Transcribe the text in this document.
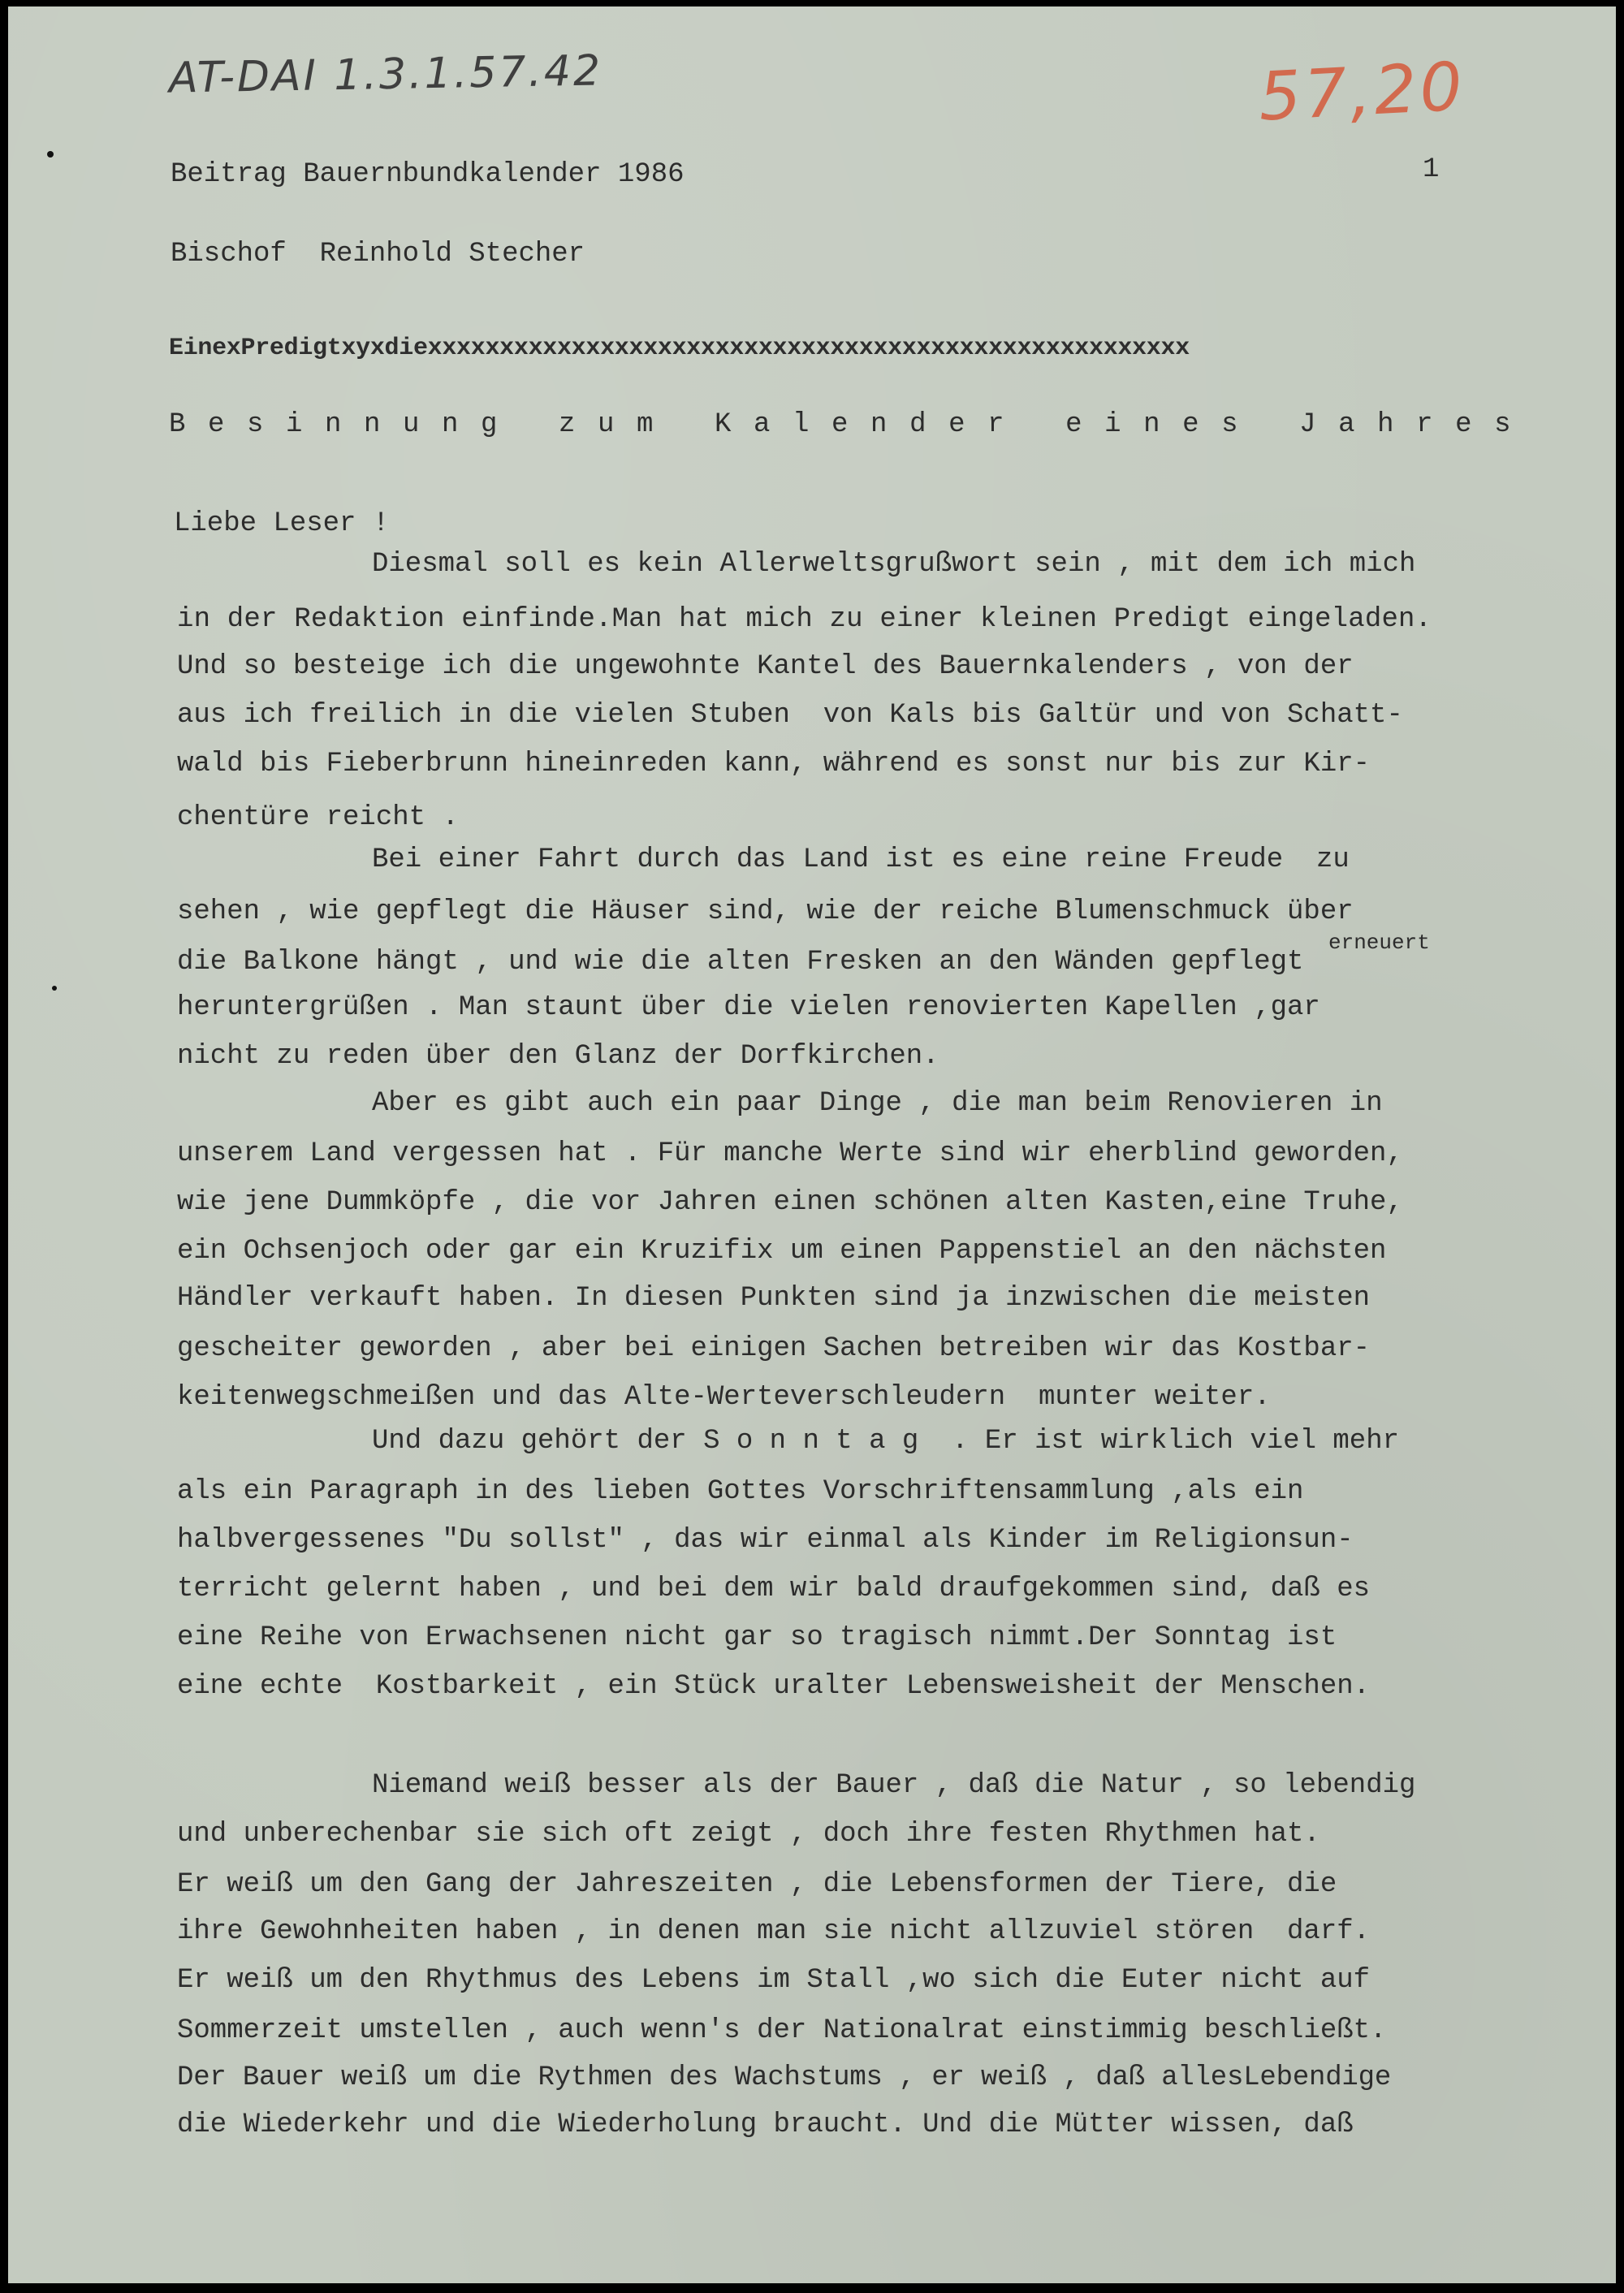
AT-DAI 1.3.1.57.42	57,20
Beitrag Bauernbundkalender 1986	1
Bischof  Reinhold Stecher
EinexPredigtxyxdiexxxxxxxxxxxxxxxxxxxxxxxxxxxxxxxxxxxxxxxxxxxxxxxxxxxxx
Besinnung zum Kalender eines Jahres
Liebe Leser !
Diesmal soll es kein Allerweltsgrußwort sein , mit dem ich mich
in der Redaktion einfinde.Man hat mich zu einer kleinen Predigt eingeladen.
Und so besteige ich die ungewohnte Kantel des Bauernkalenders , von der
aus ich freilich in die vielen Stuben  von Kals bis Galtür und von Schatt-
wald bis Fieberbrunn hineinreden kann, während es sonst nur bis zur Kir-
chentüre reicht .
Bei einer Fahrt durch das Land ist es eine reine Freude  zu
sehen , wie gepflegt die Häuser sind, wie der reiche Blumenschmuck über
erneuert
die Balkone hängt , und wie die alten Fresken an den Wänden gepflegt
heruntergrüßen . Man staunt über die vielen renovierten Kapellen ,gar
nicht zu reden über den Glanz der Dorfkirchen.
Aber es gibt auch ein paar Dinge , die man beim Renovieren in
unserem Land vergessen hat . Für manche Werte sind wir eherblind geworden,
wie jene Dummköpfe , die vor Jahren einen schönen alten Kasten,eine Truhe,
ein Ochsenjoch oder gar ein Kruzifix um einen Pappenstiel an den nächsten
Händler verkauft haben. In diesen Punkten sind ja inzwischen die meisten
gescheiter geworden , aber bei einigen Sachen betreiben wir das Kostbar-
keitenwegschmeißen und das Alte-Werteverschleudern  munter weiter.
Und dazu gehört der S o n n t a g  . Er ist wirklich viel mehr
als ein Paragraph in des lieben Gottes Vorschriftensammlung ,als ein
halbvergessenes "Du sollst" , das wir einmal als Kinder im Religionsun-
terricht gelernt haben , und bei dem wir bald draufgekommen sind, daß es
eine Reihe von Erwachsenen nicht gar so tragisch nimmt.Der Sonntag ist
eine echte  Kostbarkeit , ein Stück uralter Lebensweisheit der Menschen.
Niemand weiß besser als der Bauer , daß die Natur , so lebendig
und unberechenbar sie sich oft zeigt , doch ihre festen Rhythmen hat.
Er weiß um den Gang der Jahreszeiten , die Lebensformen der Tiere, die
ihre Gewohnheiten haben , in denen man sie nicht allzuviel stören  darf.
Er weiß um den Rhythmus des Lebens im Stall ,wo sich die Euter nicht auf
Sommerzeit umstellen , auch wenn's der Nationalrat einstimmig beschließt.
Der Bauer weiß um die Rythmen des Wachstums , er weiß , daß allesLebendige
die Wiederkehr und die Wiederholung braucht. Und die Mütter wissen, daß
